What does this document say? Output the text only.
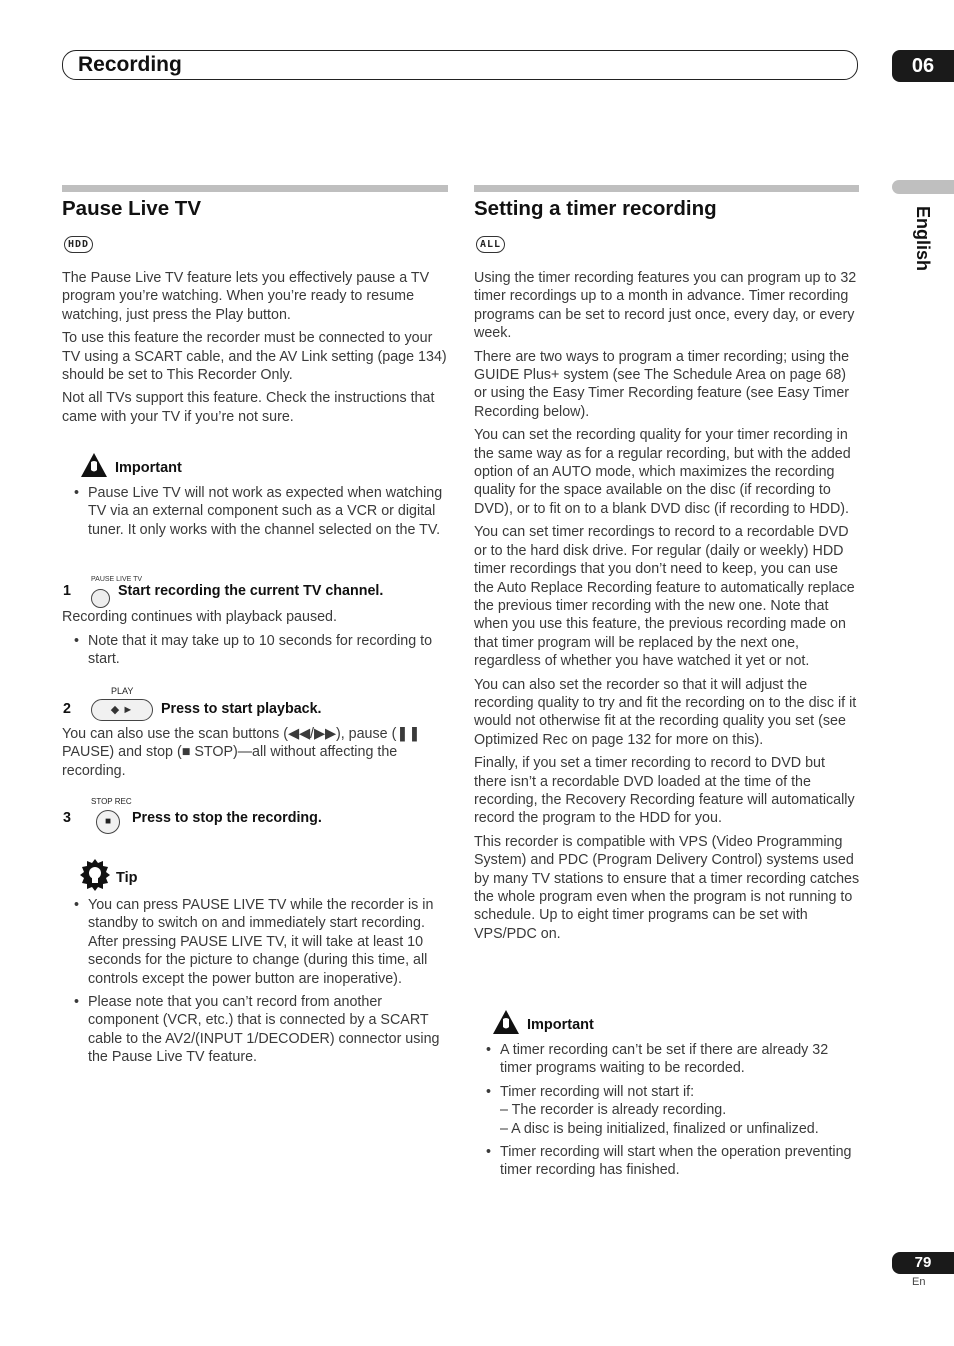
Recording	06
English
Pause Live TV
HDD

The Pause Live TV feature lets you effectively pause a TV program you’re watching. When you’re ready to resume watching, just press the Play button.

To use this feature the recorder must be connected to your TV using a SCART cable, and the AV Link setting (page 134) should be set to This Recorder Only.

Not all TVs support this feature. Check the instructions that came with your TV if you’re not sure.

Important
• Pause Live TV will not work as expected when watching TV via an external component such as a VCR or digital tuner. It only works with the channel selected on the TV.
1
PAUSE LIVE TV
Start recording the current TV channel.

Recording continues with playback paused.

• Note that it may take up to 10 seconds for recording to start.
PLAY
2	◆ ►	Press to start playback.

You can also use the scan buttons (◀◀/▶▶), pause (❚❚ PAUSE) and stop (■ STOP)—all without affecting the recording.

STOP REC
3	■	Press to stop the recording.
Tip
• You can press PAUSE LIVE TV while the recorder is in standby to switch on and immediately start recording. After pressing PAUSE LIVE TV, it will take at least 10 seconds for the picture to change (during this time, all controls except the power button are inoperative).
• Please note that you can’t record from another component (VCR, etc.) that is connected by a SCART cable to the AV2/(INPUT 1/DECODER) connector using the Pause Live TV feature.
Setting a timer recording
ALL

Using the timer recording features you can program up to 32 timer recordings up to a month in advance. Timer recording programs can be set to record just once, every day, or every week.

There are two ways to program a timer recording; using the GUIDE Plus+ system (see The Schedule Area on page 68) or using the Easy Timer Recording feature (see Easy Timer Recording below).

You can set the recording quality for your timer recording in the same way as for a regular recording, but with the added option of an AUTO mode, which maximizes the recording quality for the space available on the disc (if recording to DVD), or to fit on to a blank DVD disc (if recording to HDD).

You can set timer recordings to record to a recordable DVD or to the hard disk drive. For regular (daily or weekly) HDD timer recordings that you don’t need to keep, you can use the Auto Replace Recording feature to automatically replace the previous timer recording with the new one. Note that when you use this feature, the previous recording made on that timer program will be replaced by the next one, regardless of whether you have watched it yet or not.

You can also set the recorder so that it will adjust the recording quality to try and fit the recording on to the disc if it would not otherwise fit at the recording quality you set (see Optimized Rec on page 132 for more on this).

Finally, if you set a timer recording to record to DVD but there isn’t a recordable DVD loaded at the time of the recording, the Recovery Recording feature will automatically record the program to the HDD for you.

This recorder is compatible with VPS (Video Programming System) and PDC (Program Delivery Control) systems used by many TV stations to ensure that a timer recording catches the whole program even when the program is not running to schedule. Up to eight timer programs can be set with VPS/PDC on.

Important
• A timer recording can’t be set if there are already 32 timer programs waiting to be recorded.
• Timer recording will not start if:
– The recorder is already recording.
– A disc is being initialized, finalized or unfinalized.
• Timer recording will start when the operation preventing timer recording has finished.
79
En
